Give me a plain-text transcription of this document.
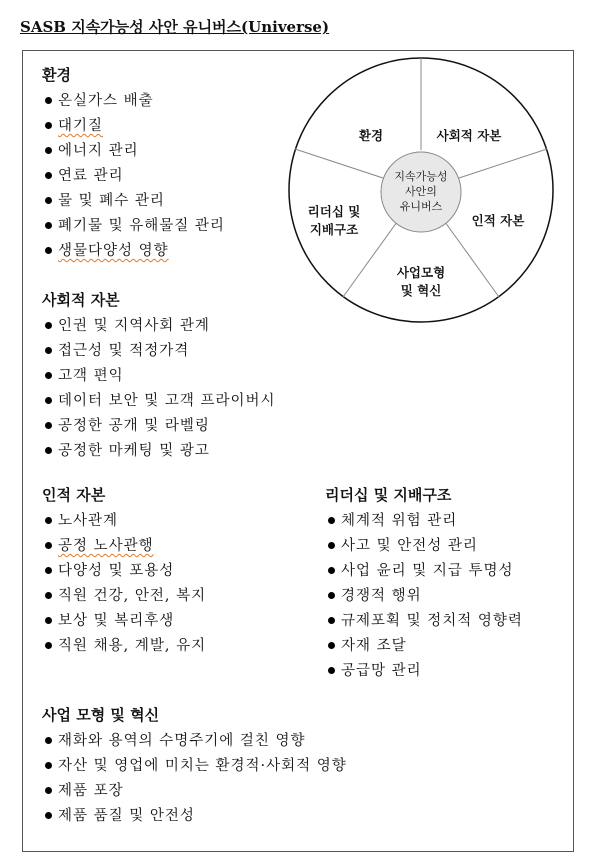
SASB 지속가능성 사안 유니버스(Universe)
지속가능성
사안의
유니버스
환경	사회적 자본
인적 자본
사업모형
및 혁신
리더십 및
지배구조
환경
온실가스 배출
대기질
에너지 관리
연료 관리
물 및 폐수 관리
폐기물 및 유해물질 관리
생물다양성 영향
사회적 자본
인권 및 지역사회 관계
접근성 및 적정가격
고객 편익
데이터 보안 및 고객 프라이버시
공정한 공개 및 라벨링
공정한 마케팅 및 광고
인적 자본
노사관계
공정 노사관행
다양성 및 포용성
직원 건강, 안전, 복지
보상 및 복리후생
직원 채용, 계발, 유지
리더십 및 지배구조
체계적 위험 관리
사고 및 안전성 관리
사업 윤리 및 지급 투명성
경쟁적 행위
규제포획 및 정치적 영향력
자재 조달
공급망 관리
사업 모형 및 혁신
재화와 용역의 수명주기에 걸친 영향
자산 및 영업에 미치는 환경적·사회적 영향
제품 포장
제품 품질 및 안전성
